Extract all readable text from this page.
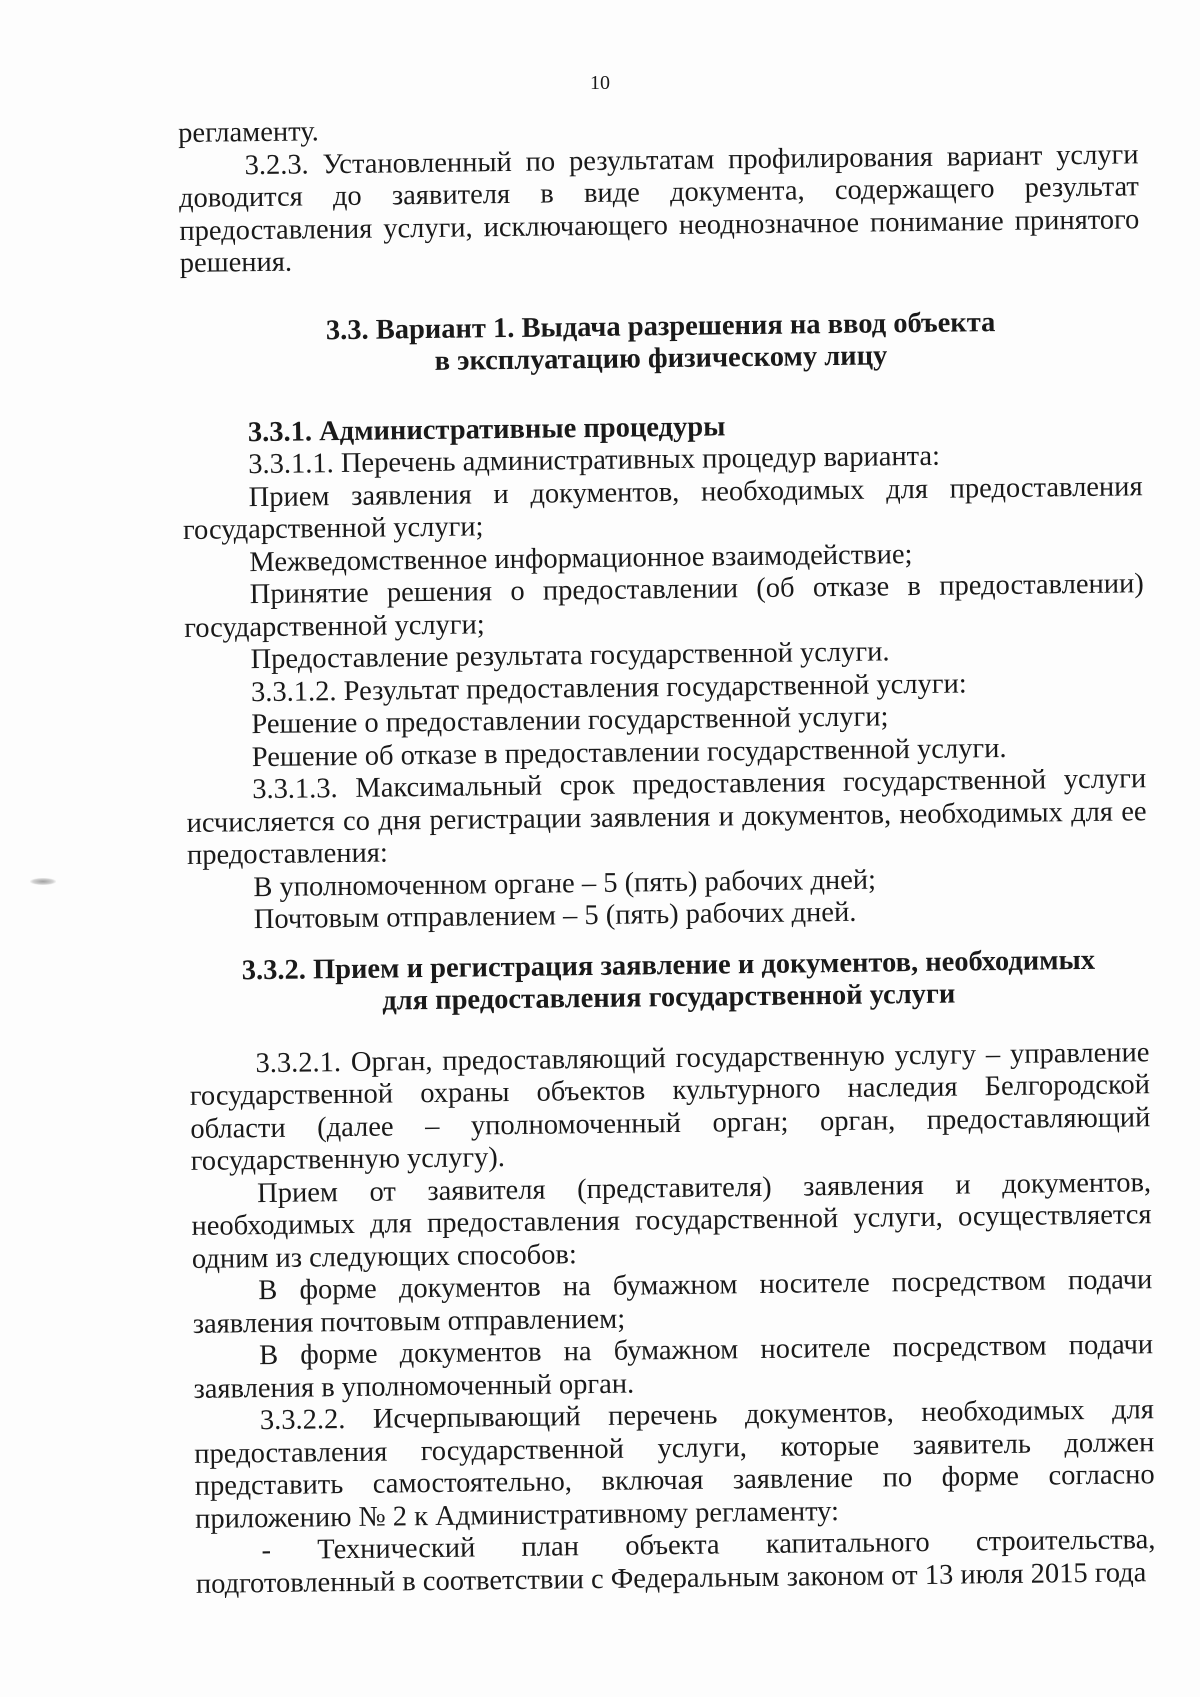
10

регламенту.

3.2.3. Установленный по результатам профилирования вариант услуги доводится до заявителя в виде документа, содержащего результат предоставления услуги, исключающего неоднозначное понимание принятого решения.

3.3. Вариант 1. Выдача разрешения на ввод объекта

в эксплуатацию физическому лицу

3.3.1. Административные процедуры

3.3.1.1. Перечень административных процедур варианта:

Прием заявления и документов, необходимых для предоставления государственной услуги;

Межведомственное информационное взаимодействие;

Принятие решения о предоставлении (об отказе в предоставлении) государственной услуги;

Предоставление результата государственной услуги.

3.3.1.2. Результат предоставления государственной услуги:

Решение о предоставлении государственной услуги;

Решение об отказе в предоставлении государственной услуги.

3.3.1.3. Максимальный срок предоставления государственной услуги исчисляется со дня регистрации заявления и документов, необходимых для ее предоставления:

В уполномоченном органе – 5 (пять) рабочих дней;

Почтовым отправлением – 5 (пять) рабочих дней.

3.3.2. Прием и регистрация заявление и документов, необходимых

для предоставления государственной услуги

3.3.2.1. Орган, предоставляющий государственную услугу – управление государственной охраны объектов культурного наследия Белгородской области (далее – уполномоченный орган; орган, предоставляющий государственную услугу).

Прием от заявителя (представителя) заявления и документов, необходимых для предоставления государственной услуги, осуществляется одним из следующих способов:

В форме документов на бумажном носителе посредством подачи заявления почтовым отправлением;

В форме документов на бумажном носителе посредством подачи заявления в уполномоченный орган.

3.3.2.2. Исчерпывающий перечень документов, необходимых для предоставления государственной услуги, которые заявитель должен представить самостоятельно, включая заявление по форме согласно приложению № 2 к Административному регламенту:

- Технический план объекта капитального строительства, подготовленный в соответствии с Федеральным законом от 13 июля 2015 года
